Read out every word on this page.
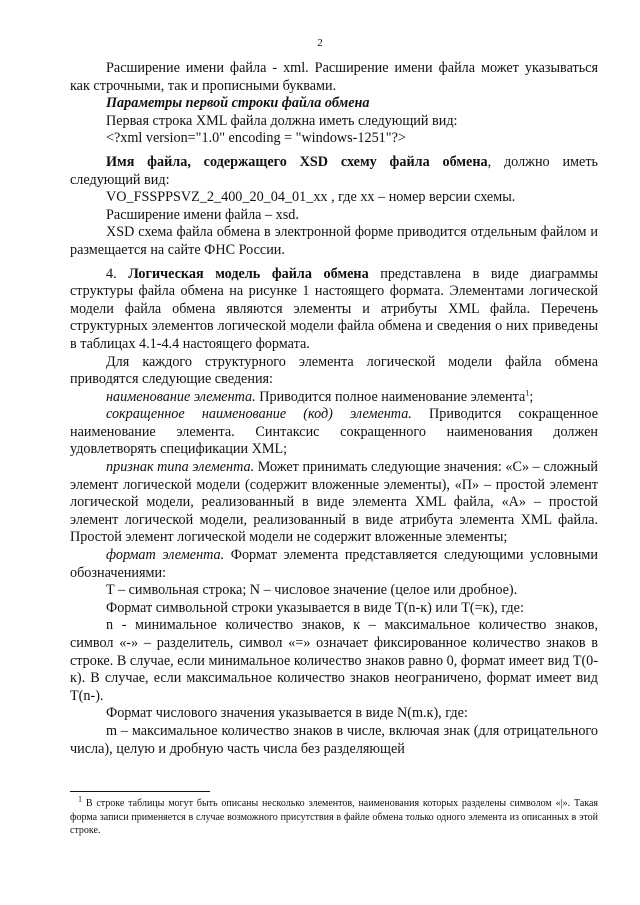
2

Расширение имени файла - xml. Расширение имени файла может указываться как строчными, так и прописными буквами.

Параметры первой строки файла обмена

Первая строка XML файла должна иметь следующий вид:

<?xml version="1.0" encoding = "windows-1251"?>

Имя файла, содержащего XSD схему файла обмена, должно иметь следующий вид:

VO_FSSPPSVZ_2_400_20_04_01_xx , где xx – номер версии схемы.

Расширение имени файла – xsd.

XSD схема файла обмена в электронной форме приводится отдельным файлом и размещается на сайте ФНС России.

4. Логическая модель файла обмена представлена в виде диаграммы структуры файла обмена на рисунке 1 настоящего формата. Элементами логической модели файла обмена являются элементы и атрибуты XML файла. Перечень структурных элементов логической модели файла обмена и сведения о них приведены в таблицах 4.1-4.4 настоящего формата.

Для каждого структурного элемента логической модели файла обмена приводятся следующие сведения:

наименование элемента. Приводится полное наименование элемента$^1$;

сокращенное наименование (код) элемента. Приводится сокращенное наименование элемента. Синтаксис сокращенного наименования должен удовлетворять спецификации XML;

признак типа элемента. Может принимать следующие значения: «С» – сложный элемент логической модели (содержит вложенные элементы), «П» – простой элемент логической модели, реализованный в виде элемента XML файла, «А» – простой элемент логической модели, реализованный в виде атрибута элемента XML файла. Простой элемент логической модели не содержит вложенные элементы;

формат элемента. Формат элемента представляется следующими условными обозначениями:

T – символьная строка; N – числовое значение (целое или дробное).

Формат символьной строки указывается в виде Т(n-к) или Т(=к), где:

n - минимальное количество знаков, к – максимальное количество знаков, символ «-» – разделитель, символ «=» означает фиксированное количество знаков в строке. В случае, если минимальное количество знаков равно 0, формат имеет вид Т(0-к). В случае, если максимальное количество знаков неограничено, формат имеет вид Т(n-).

Формат числового значения указывается в виде N(m.к), где:

m – максимальное количество знаков в числе, включая знак (для отрицательного числа), целую и дробную часть числа без разделяющей

$^1$ В строке таблицы могут быть описаны несколько элементов, наименования которых разделены символом «|». Такая форма записи применяется в случае возможного присутствия в файле обмена только одного элемента из описанных в этой строке.
